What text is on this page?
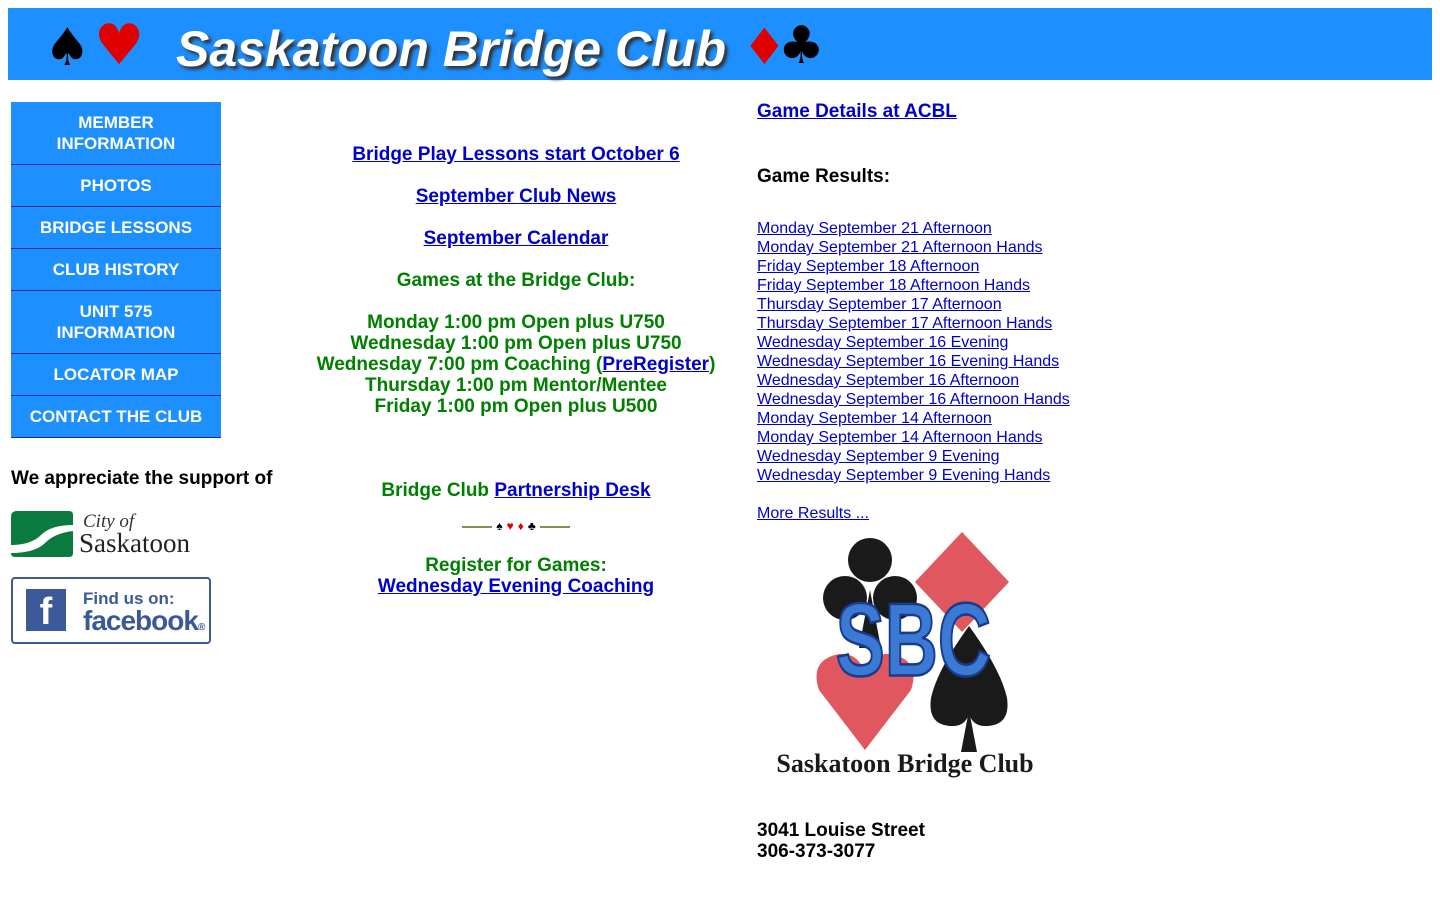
♠ ♥ Saskatoon Bridge Club ♦
♣
MEMBER
INFORMATION
PHOTOS
BRIDGE LESSONS
CLUB HISTORY
UNIT 575
INFORMATION
LOCATOR MAP
CONTACT THE CLUB
We appreciate the support of
City of
Saskatoon
f	Find us on:
facebook®

Bridge Play Lessons start October 6

September Club News

September Calendar

Games at the Bridge Club:

Monday 1:00 pm Open plus U750
Wednesday 1:00 pm Open plus U750
Wednesday 7:00 pm Coaching (PreRegister)
Thursday 1:00 pm Mentor/Mentee
Friday 1:00 pm Open plus U500

Bridge Club Partnership Desk

♠ ♥ ♦ ♣
Register for Games:
Wednesday Evening Coaching
Game Details at ACBL
Game Results:
Monday September 21 Afternoon
Monday September 21 Afternoon Hands
Friday September 18 Afternoon
Friday September 18 Afternoon Hands
Thursday September 17 Afternoon
Thursday September 17 Afternoon Hands
Wednesday September 16 Evening
Wednesday September 16 Evening Hands
Wednesday September 16 Afternoon
Wednesday September 16 Afternoon Hands
Monday September 14 Afternoon
Monday September 14 Afternoon Hands
Wednesday September 9 Evening
Wednesday September 9 Evening Hands
More Results ...
SBC
Saskatoon Bridge Club
3041 Louise Street
306-373-3077
